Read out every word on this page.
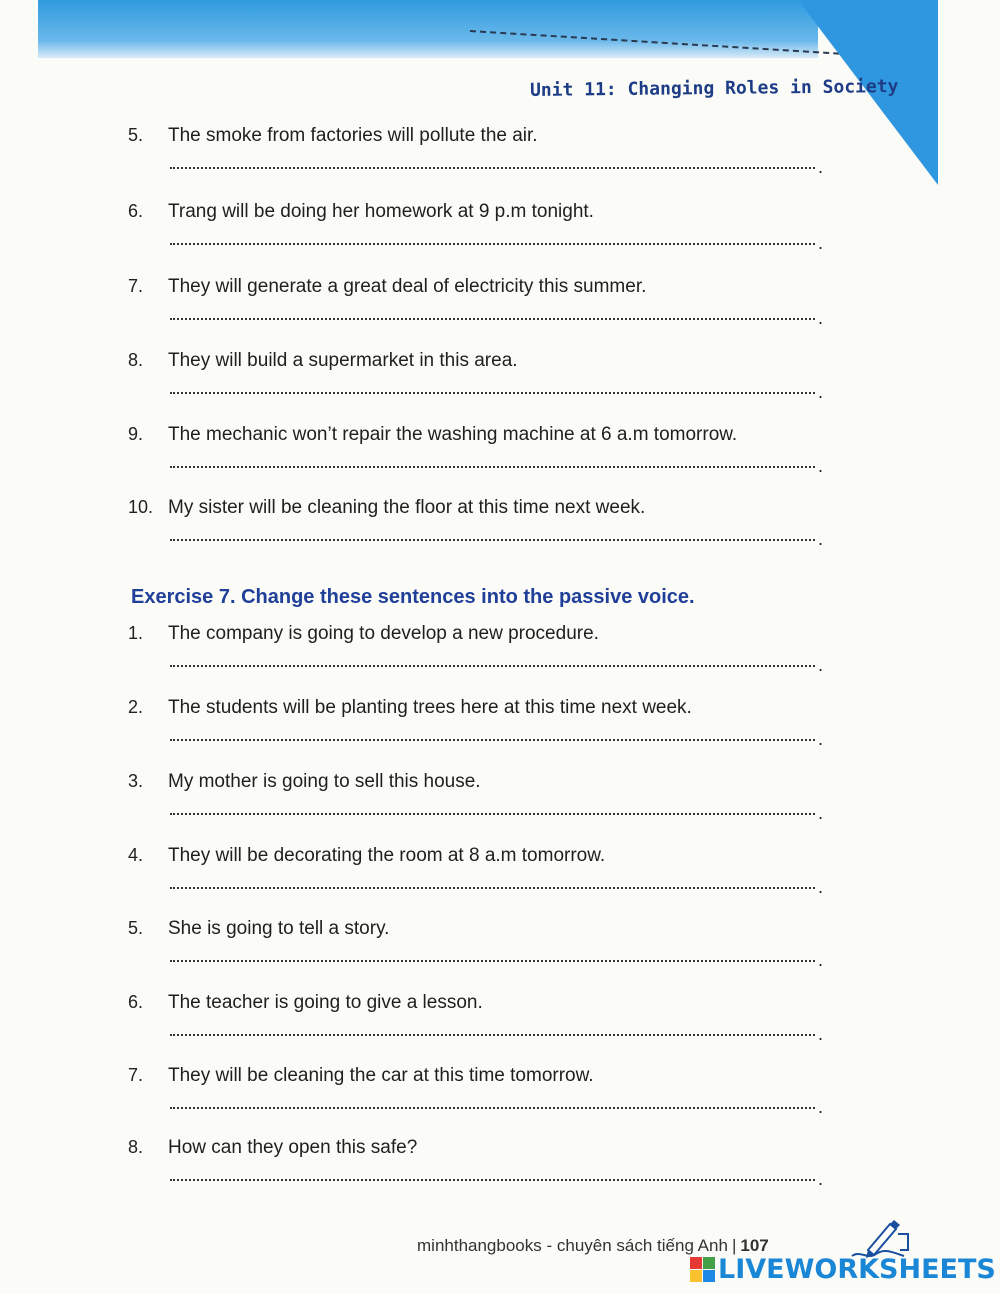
Unit 11: Changing Roles in Society
5. The smoke from factories will pollute the air.
.
6. Trang will be doing her homework at 9 p.m tonight.
.
7. They will generate a great deal of electricity this summer.
.
8. They will build a supermarket in this area.
.
9. The mechanic won’t repair the washing machine at 6 a.m tomorrow.
.
10. My sister will be cleaning the floor at this time next week.
.
Exercise 7. Change these sentences into the passive voice.
1. The company is going to develop a new procedure.
.
2. The students will be planting trees here at this time next week.
.
3. My mother is going to sell this house.
.
4. They will be decorating the room at 8 a.m tomorrow.
.
5. She is going to tell a story.
.
6. The teacher is going to give a lesson.
.
7. They will be cleaning the car at this time tomorrow.
.
8. How can they open this safe?
.
minhthangbooks - chuyên sách tiếng Anh | 107
LIVEWORKSHEETS
